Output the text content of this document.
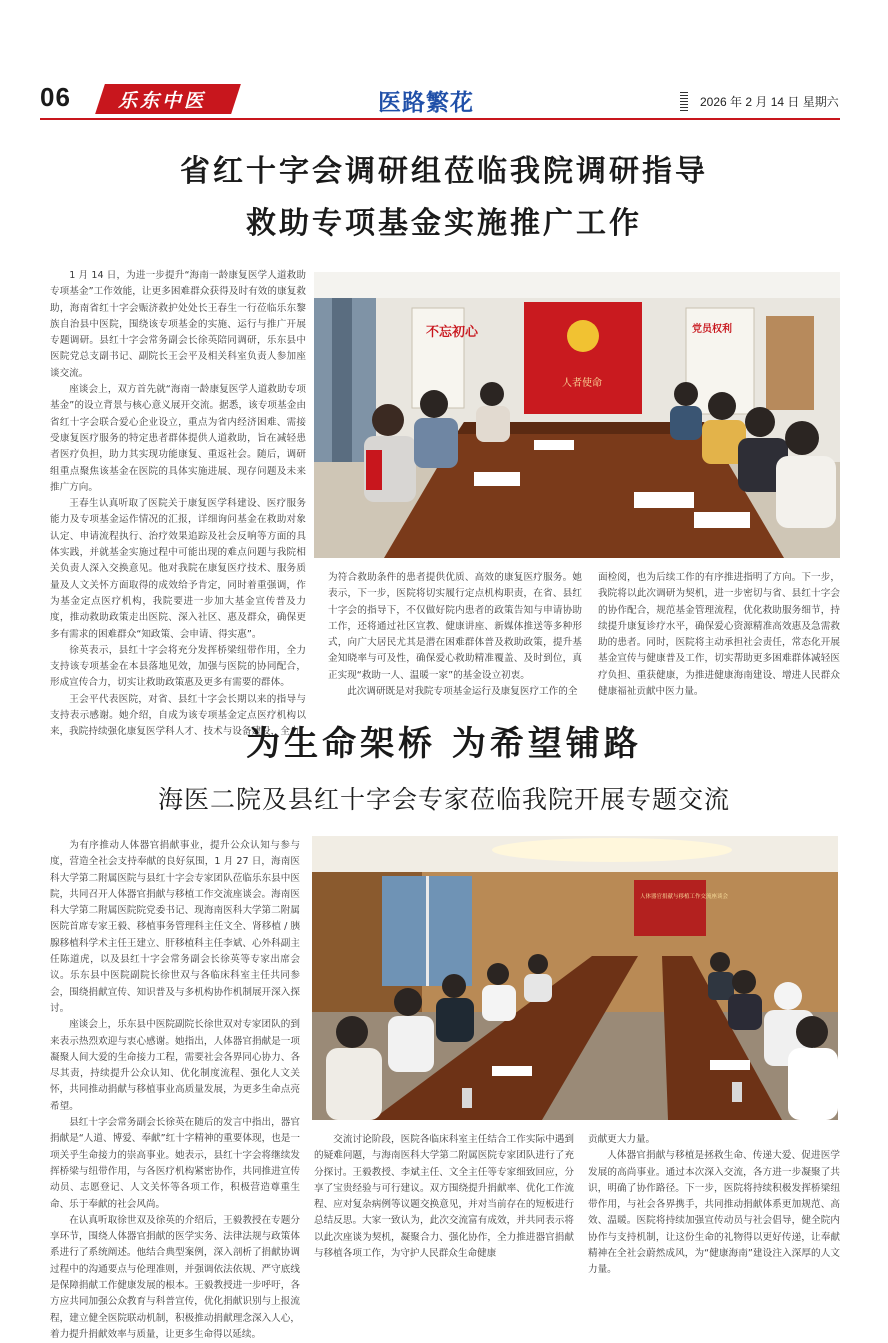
06 乐东中医	医路繁花	2026 年 2 月 14 日 星期六
省红十字会调研组莅临我院调研指导
救助专项基金实施推广工作

1 月 14 日，为进一步提升“海南一龄康复医学人道救助专项基金”工作效能，让更多困难群众获得及时有效的康复救助，海南省红十字会赈济救护处处长王春生一行莅临乐东黎族自治县中医院，围绕该专项基金的实施、运行与推广开展专题调研。县红十字会常务副会长徐英陪同调研，乐东县中医院党总支副书记、副院长王会平及相关科室负责人参加座谈交流。

座谈会上，双方首先就“海南一龄康复医学人道救助专项基金”的设立背景与核心意义展开交流。据悉，该专项基金由省红十字会联合爱心企业设立，重点为省内经济困难、需接受康复医疗服务的特定患者群体提供人道救助，旨在减轻患者医疗负担，助力其实现功能康复、重返社会。随后，调研组重点聚焦该基金在医院的具体实施进展、现存问题及未来推广方向。

王春生认真听取了医院关于康复医学科建设、医疗服务能力及专项基金运作情况的汇报，详细询问基金在救助对象认定、申请流程执行、治疗效果追踪及社会反响等方面的具体实践，并就基金实施过程中可能出现的难点问题与我院相关负责人深入交换意见。他对我院在康复医疗技术、服务质量及人文关怀方面取得的成效给予肯定，同时着重强调，作为基金定点医疗机构，我院要进一步加大基金宣传普及力度，推动救助政策走出医院、深入社区、惠及群众，确保更多有需求的困难群众“知政策、会申请、得实惠”。

徐英表示，县红十字会将充分发挥桥梁纽带作用，全力支持该专项基金在本县落地见效，加强与医院的协同配合，形成宣传合力，切实让救助政策惠及更多有需要的群体。

王会平代表医院，对省、县红十字会长期以来的指导与支持表示感谢。她介绍，自成为该专项基金定点医疗机构以来，我院持续强化康复医学科人才、技术与设备建设，全力

不忘初心
人者使命
党员权利

为符合救助条件的患者提供优质、高效的康复医疗服务。她表示，下一步，医院将切实履行定点机构职责，在省、县红十字会的指导下，不仅做好院内患者的政策告知与申请协助工作，还将通过社区宣教、健康讲座、新媒体推送等多种形式，向广大居民尤其是潜在困难群体普及救助政策，提升基金知晓率与可及性，确保爱心救助精准覆盖、及时到位，真正实现“救助一人、温暖一家”的基金设立初衷。

此次调研既是对我院专项基金运行及康复医疗工作的全

面检阅，也为后续工作的有序推进指明了方向。下一步，我院将以此次调研为契机，进一步密切与省、县红十字会的协作配合，规范基金管理流程，优化救助服务细节，持续提升康复诊疗水平，确保爱心资源精准高效惠及急需救助的患者。同时，医院将主动承担社会责任，常态化开展基金宣传与健康普及工作，切实帮助更多困难群体减轻医疗负担、重获健康，为推进健康海南建设、增进人民群众健康福祉贡献中医力量。

为生命架桥 为希望铺路
海医二院及县红十字会专家莅临我院开展专题交流

为有序推动人体器官捐献事业，提升公众认知与参与度，营造全社会支持奉献的良好氛围，1 月 27 日，海南医科大学第二附属医院与县红十字会专家团队莅临乐东县中医院，共同召开人体器官捐献与移植工作交流座谈会。海南医科大学第二附属医院院党委书记、现海南医科大学第二附属医院首席专家王毅、移植事务管理科主任文全、肾移植 / 胰腺移植科学术主任王建立、肝移植科主任李斌、心外科副主任陈道虎，以及县红十字会常务副会长徐英等专家出席会议。乐东县中医院副院长徐世双与各临床科室主任共同参会，围绕捐献宣传、知识普及与多机构协作机制展开深入探讨。

座谈会上，乐东县中医院副院长徐世双对专家团队的到来表示热烈欢迎与衷心感谢。她指出，人体器官捐献是一项凝聚人间大爱的生命接力工程，需要社会各界同心协力、各尽其责，持续提升公众认知、优化制度流程、强化人文关怀，共同推动捐献与移植事业高质量发展，为更多生命点亮希望。

县红十字会常务副会长徐英在随后的发言中指出，器官捐献是“人道、博爱、奉献”红十字精神的重要体现，也是一项关乎生命接力的崇高事业。她表示，县红十字会将继续发挥桥梁与纽带作用，与各医疗机构紧密协作，共同推进宣传动员、志愿登记、人文关怀等各项工作，积极营造尊重生命、乐于奉献的社会风尚。

在认真听取徐世双及徐英的介绍后，王毅教授在专题分享环节，围绕人体器官捐献的医学实务、法律法规与政策体系进行了系统阐述。他结合典型案例，深入剖析了捐献协调过程中的沟通要点与伦理准则，并强调依法依规、严守底线是保障捐献工作健康发展的根本。王毅教授进一步呼吁，各方应共同加强公众教育与科普宣传，优化捐献识别与上报流程，建立健全医院联动机制，积极推动捐献理念深入人心，着力提升捐献效率与质量，让更多生命得以延续。

人体器官捐献与移植工作交流座谈会

交流讨论阶段，医院各临床科室主任结合工作实际中遇到的疑难问题，与海南医科大学第二附属医院专家团队进行了充分探讨。王毅教授、李斌主任、文全主任等专家细致回应，分享了宝贵经验与可行建议。双方围绕提升捐献率、优化工作流程、应对复杂病例等议题交换意见，并对当前存在的短板进行总结反思。大家一致认为，此次交流富有成效，并共同表示将以此次座谈为契机，凝聚合力、强化协作，全力推进器官捐献与移植各项工作，为守护人民群众生命健康

贡献更大力量。

人体器官捐献与移植是拯救生命、传递大爱、促进医学发展的高尚事业。通过本次深入交流，各方进一步凝聚了共识，明确了协作路径。下一步，医院将持续积极发挥桥梁纽带作用，与社会各界携手，共同推动捐献体系更加规范、高效、温暖。医院将持续加强宣传动员与社会倡导，健全院内协作与支持机制，让这份生命的礼物得以更好传递，让奉献精神在全社会蔚然成风，为“健康海南”建设注入深厚的人文力量。
